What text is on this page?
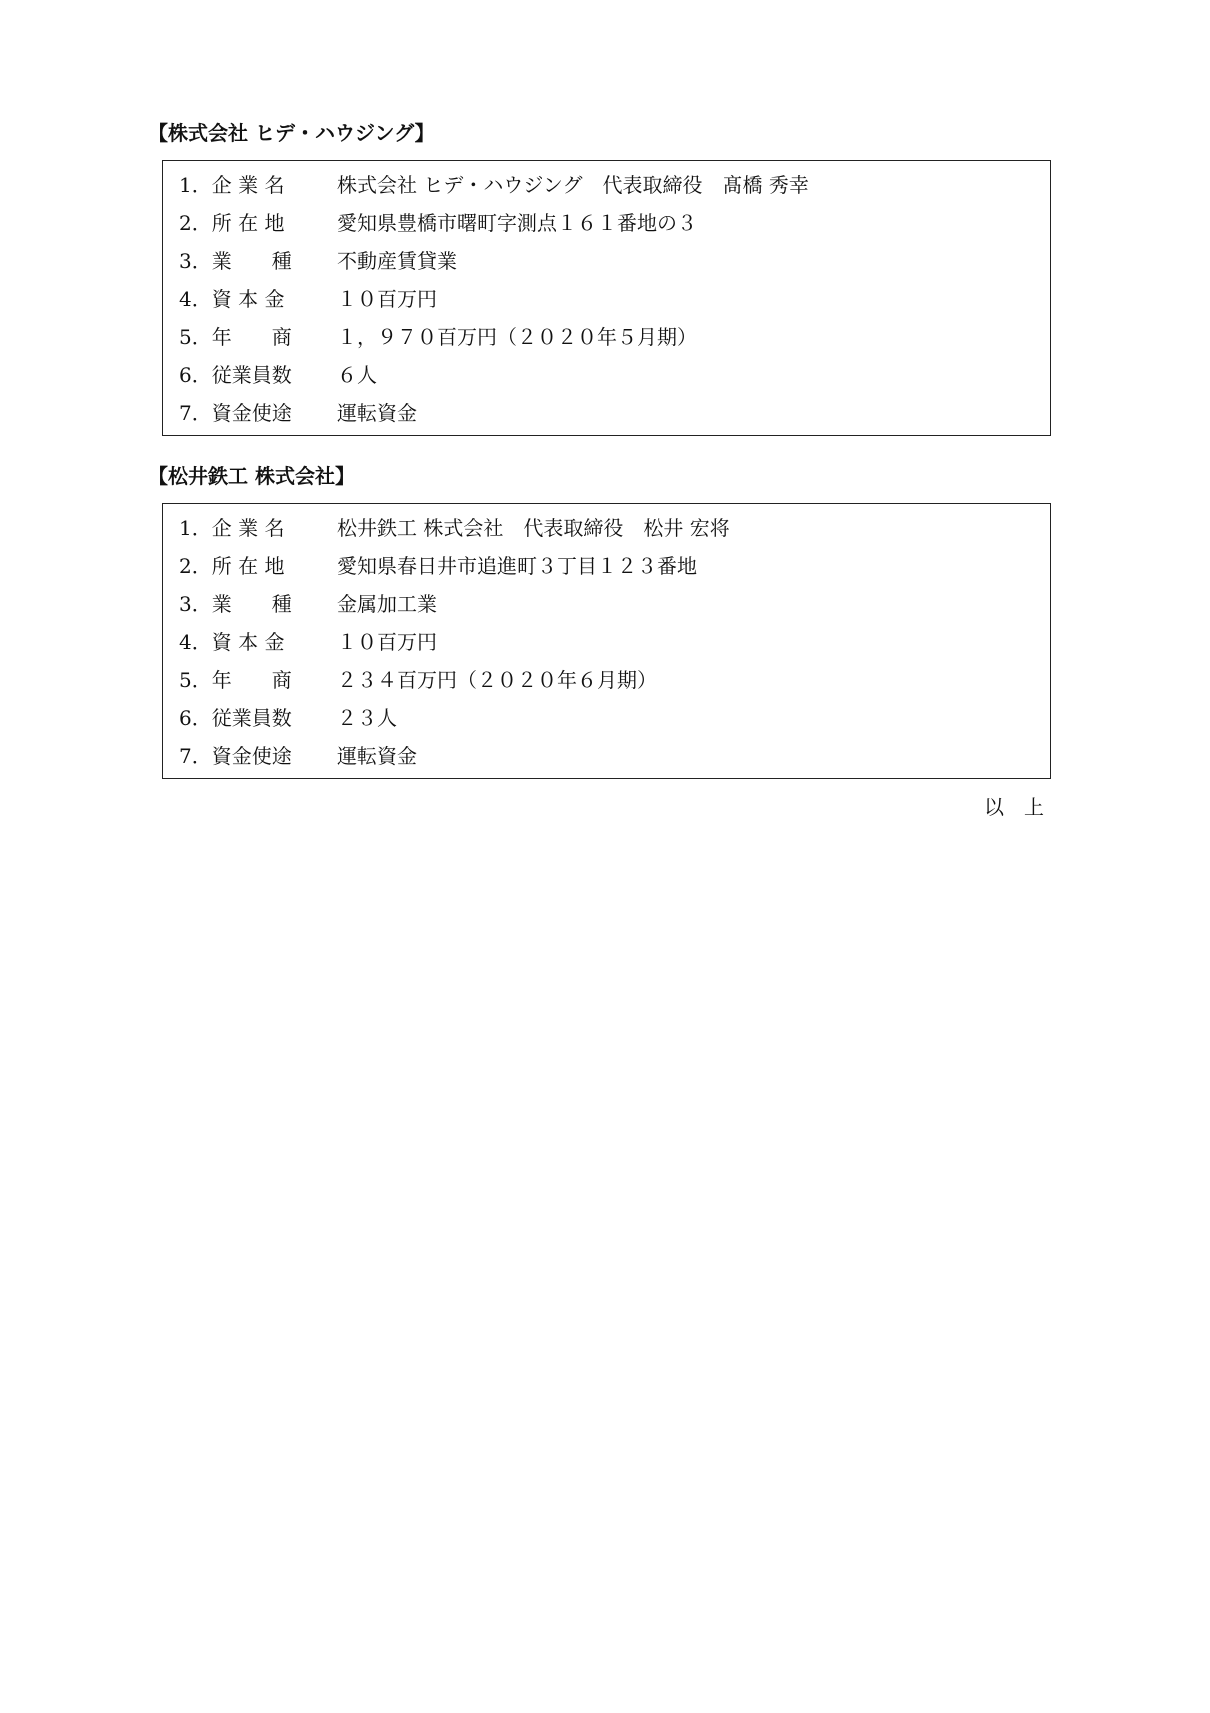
【株式会社 ヒデ・ハウジング】
1．企 業 名	株式会社 ヒデ・ハウジング　代表取締役　髙橋 秀幸
2．所 在 地	愛知県豊橋市曙町字測点１６１番地の３
3．業　　種 不動産賃貸業
4．資 本 金	１０百万円
5．年　　商 １，９７０百万円（２０２０年５月期）
6．従業員数 ６人
7．資金使途 運転資金
【松井鉄工 株式会社】
1．企 業 名	松井鉄工 株式会社　代表取締役　松井 宏将
2．所 在 地	愛知県春日井市追進町３丁目１２３番地
3．業　　種 金属加工業
4．資 本 金	１０百万円
5．年　　商 ２３４百万円（２０２０年６月期）
6．従業員数 ２３人
7．資金使途 運転資金
以　上
